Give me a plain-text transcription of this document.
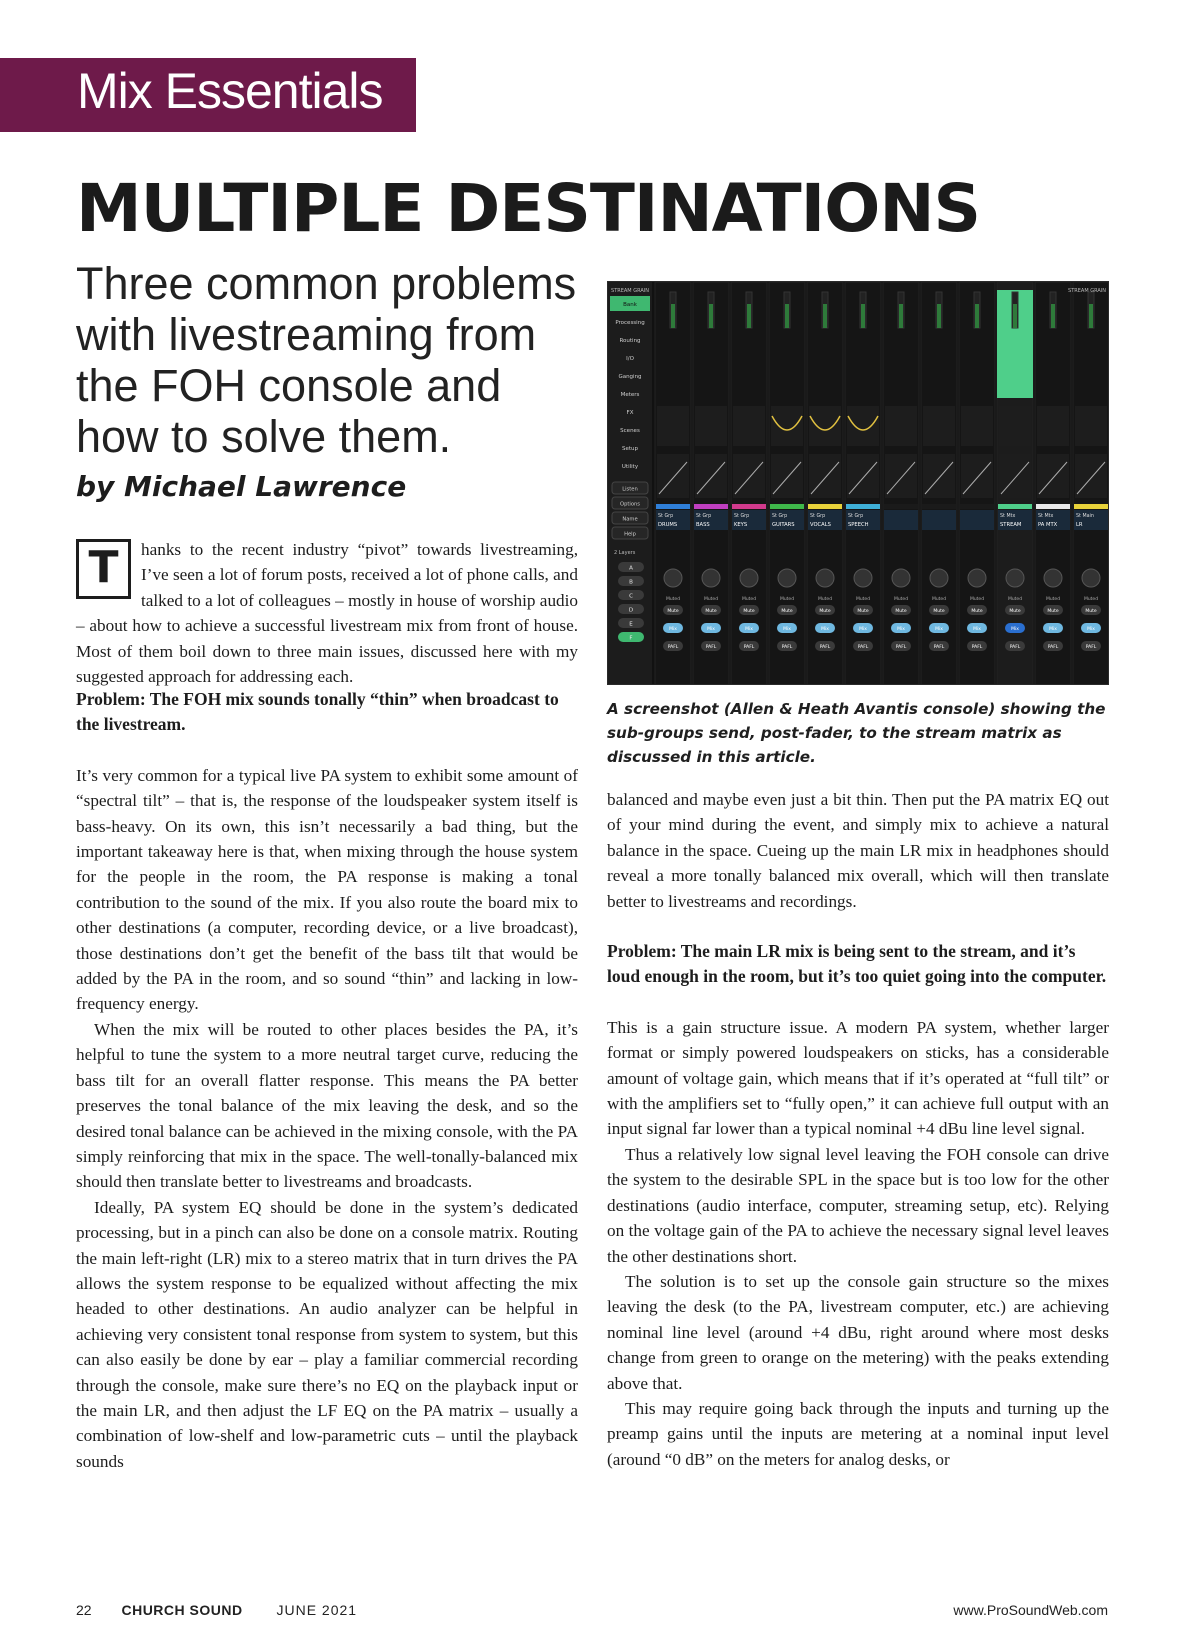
Mix Essentials
MULTIPLE DESTINATIONS
Three common problems with livestreaming from the FOH console and how to solve them.
by Michael Lawrence
T	hanks to the recent industry “pivot” towards livestreaming, I’ve seen a lot of forum posts, received a lot of phone calls, and talked to a lot of colleagues – mostly in house of worship audio – about how to achieve a successful livestream mix from front of house. Most of them boil down to three main issues, discussed here with my suggested approach for addressing each.

Problem: The FOH mix sounds tonally “thin” when broadcast to the livestream.

It’s very common for a typical live PA system to exhibit some amount of “spectral tilt” – that is, the response of the loudspeaker system itself is bass-heavy. On its own, this isn’t necessarily a bad thing, but the important takeaway here is that, when mixing through the house system for the people in the room, the PA response is making a tonal contribution to the sound of the mix. If you also route the board mix to other destinations (a computer, recording device, or a live broadcast), those destinations don’t get the benefit of the bass tilt that would be added by the PA in the room, and so sound “thin” and lacking in low-frequency energy.

When the mix will be routed to other places besides the PA, it’s helpful to tune the system to a more neutral target curve, reducing the bass tilt for an overall flatter response. This means the PA better preserves the tonal balance of the mix leaving the desk, and so the desired tonal balance can be achieved in the mixing console, with the PA simply reinforcing that mix in the space. The well-tonally-balanced mix should then translate better to livestreams and broadcasts.

Ideally, PA system EQ should be done in the system’s dedicated processing, but in a pinch can also be done on a console matrix. Routing the main left-right (LR) mix to a stereo matrix that in turn drives the PA allows the system response to be equalized without affecting the mix headed to other destinations. An audio analyzer can be helpful in achieving very consistent tonal response from system to system, but this can also easily be done by ear – play a familiar commercial recording through the console, make sure there’s no EQ on the playback input or the main LR, and then adjust the LF EQ on the PA matrix – usually a combination of low-shelf and low-parametric cuts – until the playback sounds

STREAM GRAIN
Bank
Processing
Routing
I/O
Ganging
Meters
FX
Scenes
Setup
Utility
Listen
Options
Name
Help
2 Layers
A
B
C
D
E
F
St Grp
DRUMS
Muted
Mute
Mix
PAFL
St Grp
BASS
Muted
Mute
Mix
PAFL
St Grp
KEYS
Muted
Mute
Mix
PAFL
St Grp
GUITARS
Muted
Mute
Mix
PAFL
St Grp
VOCALS
Muted
Mute
Mix
PAFL
St Grp
SPEECH
Muted
Mute
Mix
PAFL
Muted
Mute
Mix
PAFL
Muted
Mute
Mix
PAFL
Muted
Mute
Mix
PAFL
St Mtx
STREAM
Muted
Mute
Mix
PAFL
St Mtx
PA MTX
Muted
Mute
Mix
PAFL
St Main
LR
Muted
Mute
Mix
PAFL
STREAM GRAIN
A screenshot (Allen & Heath Avantis console) showing the sub-groups send, post-fader, to the stream matrix as discussed in this article.

balanced and maybe even just a bit thin. Then put the PA matrix EQ out of your mind during the event, and simply mix to achieve a natural balance in the space. Cueing up the main LR mix in headphones should reveal a more tonally balanced mix overall, which will then translate better to livestreams and recordings.

Problem: The main LR mix is being sent to the stream, and it’s loud enough in the room, but it’s too quiet going into the computer.

This is a gain structure issue. A modern PA system, whether larger format or simply powered loudspeakers on sticks, has a considerable amount of voltage gain, which means that if it’s operated at “full tilt” or with the amplifiers set to “fully open,” it can achieve full output with an input signal far lower than a typical nominal +4 dBu line level signal.

Thus a relatively low signal level leaving the FOH console can drive the system to the desirable SPL in the space but is too low for the other destinations (audio interface, computer, streaming setup, etc). Relying on the voltage gain of the PA to achieve the necessary signal level leaves the other destinations short.

The solution is to set up the console gain structure so the mixes leaving the desk (to the PA, livestream computer, etc.) are achieving nominal line level (around +4 dBu, right around where most desks change from green to orange on the metering) with the peaks extending above that.

This may require going back through the inputs and turning up the preamp gains until the inputs are metering at a nominal input level (around “0 dB” on the meters for analog desks, or

22 CHURCH SOUND JUNE 2021	www.ProSoundWeb.com
